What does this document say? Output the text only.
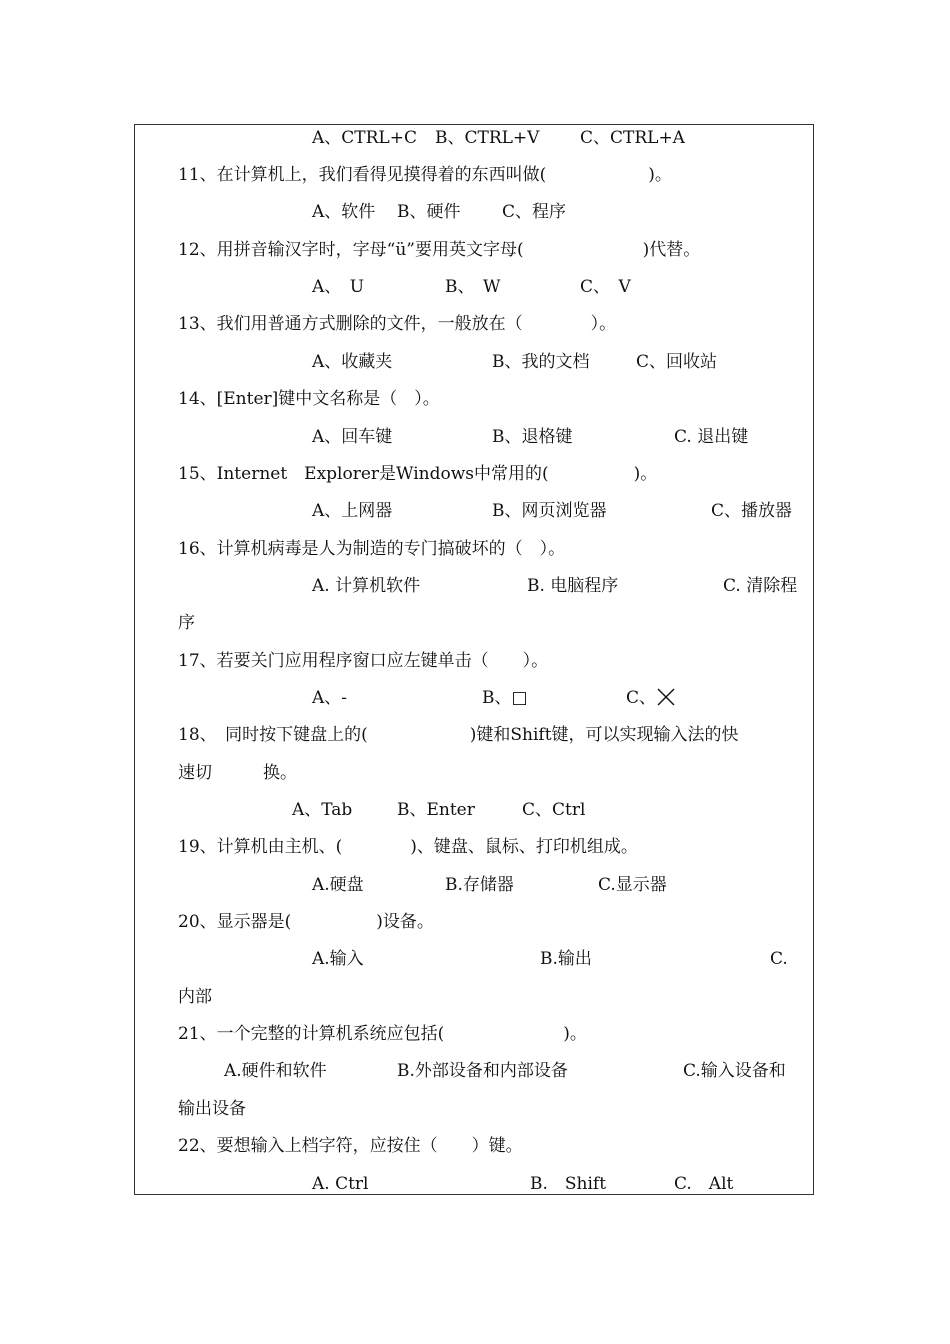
A、CTRL+C B、CTRL+V C、CTRL+A
11、在计算机上，我们看得见摸得着的东西叫做(　　　　　　)。
A、软件 B、硬件 C、程序
12、用拼音输汉字时，字母“ü”要用英文字母(　　　　　　　)代替。
A、　U	B、　W	C、　V
13、我们用普通方式删除的文件，一般放在（　　　　）。
A、收藏夹	B、我的文档	C、回收站
14、[Enter]键中文名称是（　）。
A、回车键	B、退格键	C. 退出键
15、Internet　Explorer是Windows中常用的(　　　　　)。
A、上网器	B、网页浏览器	C、播放器
16、计算机病毒是人为制造的专门搞破坏的（　）。
A. 计算机软件	B. 电脑程序	C. 清除程
序
17、若要关门应用程序窗口应左键单击（　　）。
A、-	B、□	C、
18、　同时按下键盘上的(　　　　　　)键和Shift键，可以实现输入法的快
速切　　　换。
A、Tab	B、Enter	C、Ctrl
19、计算机由主机、(　　　　)、键盘、鼠标、打印机组成。
A.硬盘	B.存储器	C.显示器
20、显示器是(　　　　　)设备。
A.输入	B.输出	C.
内部
21、一个完整的计算机系统应包括(　　　　　　　)。
A.硬件和软件	B.外部设备和内部设备	C.输入设备和
输出设备
22、要想输入上档字符，应按住（　　）键。
A. Ctrl	B.　Shift	C.　Alt
